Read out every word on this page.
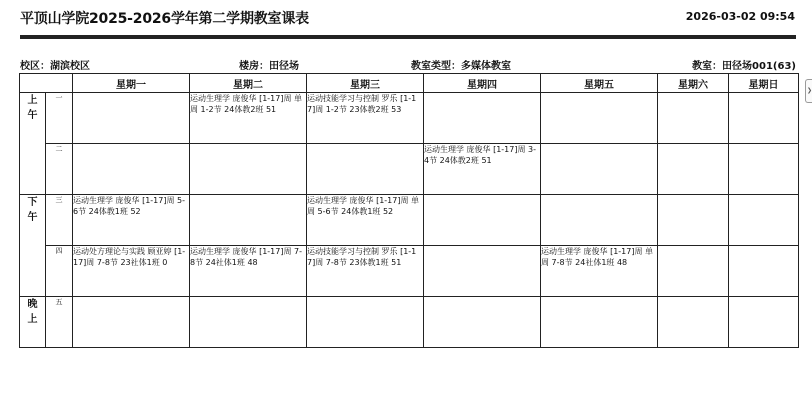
平顶山学院2025-2026学年第二学期教室课表	2026-03-02 09:54
校区：湖滨校区	楼房：田径场	教室类型：多媒体教室	教室：田径场001(63)
❯
		星期一	星期二	星期三	星期四	星期五	星期六	星期日
上
午	一		运动生理学 庞俊华 [1-17]周 单周 1-2节 24体教2班 51	运动技能学习与控制 罗乐 [1-17]周 1-2节 23体教2班 53				
	二				运动生理学 庞俊华 [1-17]周 3-4节 24体教2班 51			
下
午	三	运动生理学 庞俊华 [1-17]周 5-6节 24体教1班 52		运动生理学 庞俊华 [1-17]周 单周 5-6节 24体教1班 52				
	四	运动处方理论与实践 顾亚婷 [1-17]周 7-8节 23社体1班 0	运动生理学 庞俊华 [1-17]周 7-8节 24社体1班 48	运动技能学习与控制 罗乐 [1-17]周 7-8节 23体教1班 51		运动生理学 庞俊华 [1-17]周 单周 7-8节 24社体1班 48		
晚
上	五							
